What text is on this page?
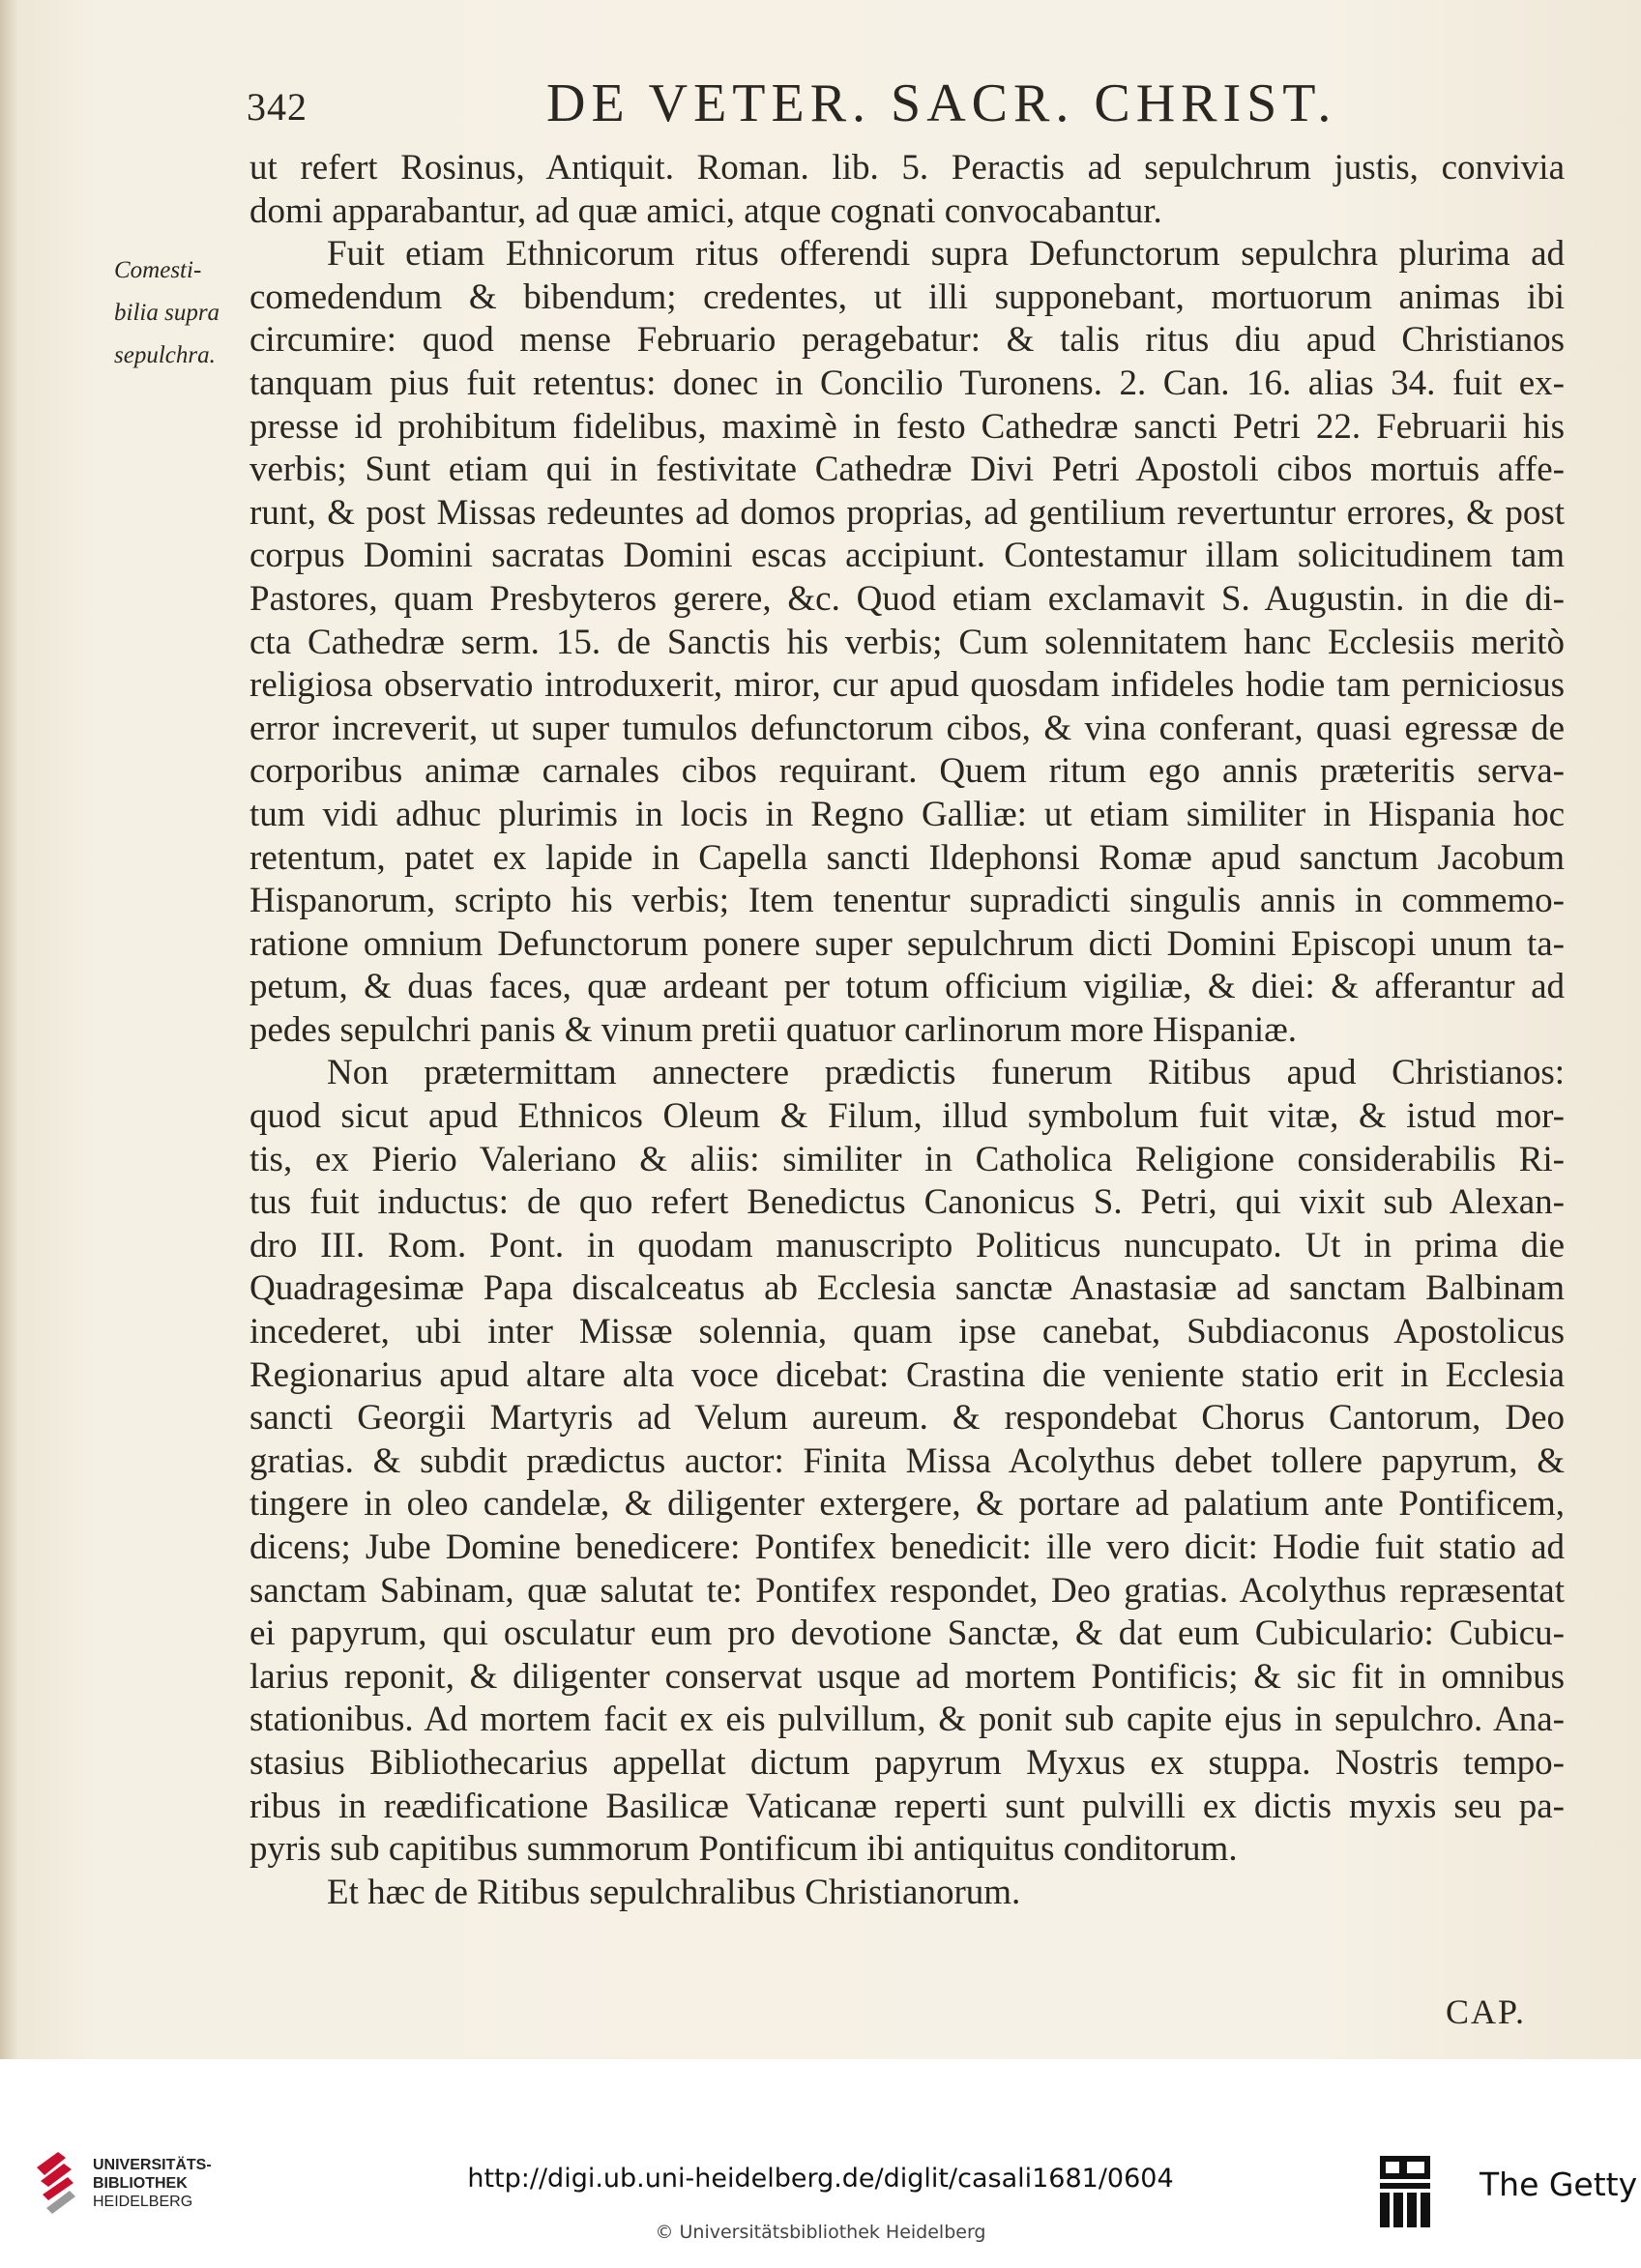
342	DE VETER. SACR. CHRIST.
Comesti-
bilia supra
sepulchra.
ut refert Rosinus, Antiquit. Roman. lib. 5. Peractis ad sepulchrum justis, convivia
domi apparabantur, ad quæ amici, atque cognati convocabantur.
Fuit etiam Ethnicorum ritus offerendi supra Defunctorum sepulchra plurima ad
comedendum & bibendum; credentes, ut illi supponebant, mortuorum animas ibi
circumire: quod mense Februario peragebatur: & talis ritus diu apud Christianos
tanquam pius fuit retentus: donec in Concilio Turonens. 2. Can. 16. alias 34. fuit ex-
presse id prohibitum fidelibus, maximè in festo Cathedræ sancti Petri 22. Februarii his
verbis; Sunt etiam qui in festivitate Cathedræ Divi Petri Apostoli cibos mortuis affe-
runt, & post Missas redeuntes ad domos proprias, ad gentilium revertuntur errores, & post
corpus Domini sacratas Domini escas accipiunt. Contestamur illam solicitudinem tam
Pastores, quam Presbyteros gerere, &c. Quod etiam exclamavit S. Augustin. in die di-
cta Cathedræ serm. 15. de Sanctis his verbis; Cum solennitatem hanc Ecclesiis meritò
religiosa observatio introduxerit, miror, cur apud quosdam infideles hodie tam perniciosus
error increverit, ut super tumulos defunctorum cibos, & vina conferant, quasi egressæ de
corporibus animæ carnales cibos requirant. Quem ritum ego annis præteritis serva-
tum vidi adhuc plurimis in locis in Regno Galliæ: ut etiam similiter in Hispania hoc
retentum, patet ex lapide in Capella sancti Ildephonsi Romæ apud sanctum Jacobum
Hispanorum, scripto his verbis; Item tenentur supradicti singulis annis in commemo-
ratione omnium Defunctorum ponere super sepulchrum dicti Domini Episcopi unum ta-
petum, & duas faces, quæ ardeant per totum officium vigiliæ, & diei: & afferantur ad
pedes sepulchri panis & vinum pretii quatuor carlinorum more Hispaniæ.
Non prætermittam annectere prædictis funerum Ritibus apud Christianos:
quod sicut apud Ethnicos Oleum & Filum, illud symbolum fuit vitæ, & istud mor-
tis, ex Pierio Valeriano & aliis: similiter in Catholica Religione considerabilis Ri-
tus fuit inductus: de quo refert Benedictus Canonicus S. Petri, qui vixit sub Alexan-
dro III. Rom. Pont. in quodam manuscripto Politicus nuncupato. Ut in prima die
Quadragesimæ Papa discalceatus ab Ecclesia sanctæ Anastasiæ ad sanctam Balbinam
incederet, ubi inter Missæ solennia, quam ipse canebat, Subdiaconus Apostolicus
Regionarius apud altare alta voce dicebat: Crastina die veniente statio erit in Ecclesia
sancti Georgii Martyris ad Velum aureum. & respondebat Chorus Cantorum, Deo
gratias. & subdit prædictus auctor: Finita Missa Acolythus debet tollere papyrum, &
tingere in oleo candelæ, & diligenter extergere, & portare ad palatium ante Pontificem,
dicens; Jube Domine benedicere: Pontifex benedicit: ille vero dicit: Hodie fuit statio ad
sanctam Sabinam, quæ salutat te: Pontifex respondet, Deo gratias. Acolythus repræsentat
ei papyrum, qui osculatur eum pro devotione Sanctæ, & dat eum Cubiculario: Cubicu-
larius reponit, & diligenter conservat usque ad mortem Pontificis; & sic fit in omnibus
stationibus. Ad mortem facit ex eis pulvillum, & ponit sub capite ejus in sepulchro. Ana-
stasius Bibliothecarius appellat dictum papyrum Myxus ex stuppa. Nostris tempo-
ribus in reædificatione Basilicæ Vaticanæ reperti sunt pulvilli ex dictis myxis seu pa-
pyris sub capitibus summorum Pontificum ibi antiquitus conditorum.
Et hæc de Ritibus sepulchralibus Christianorum.
CAP.
UNIVERSITÄTS-
BIBLIOTHEK
HEIDELBERG
http://digi.ub.uni-heidelberg.de/diglit/casali1681/0604
© Universitätsbibliothek Heidelberg
The Getty
